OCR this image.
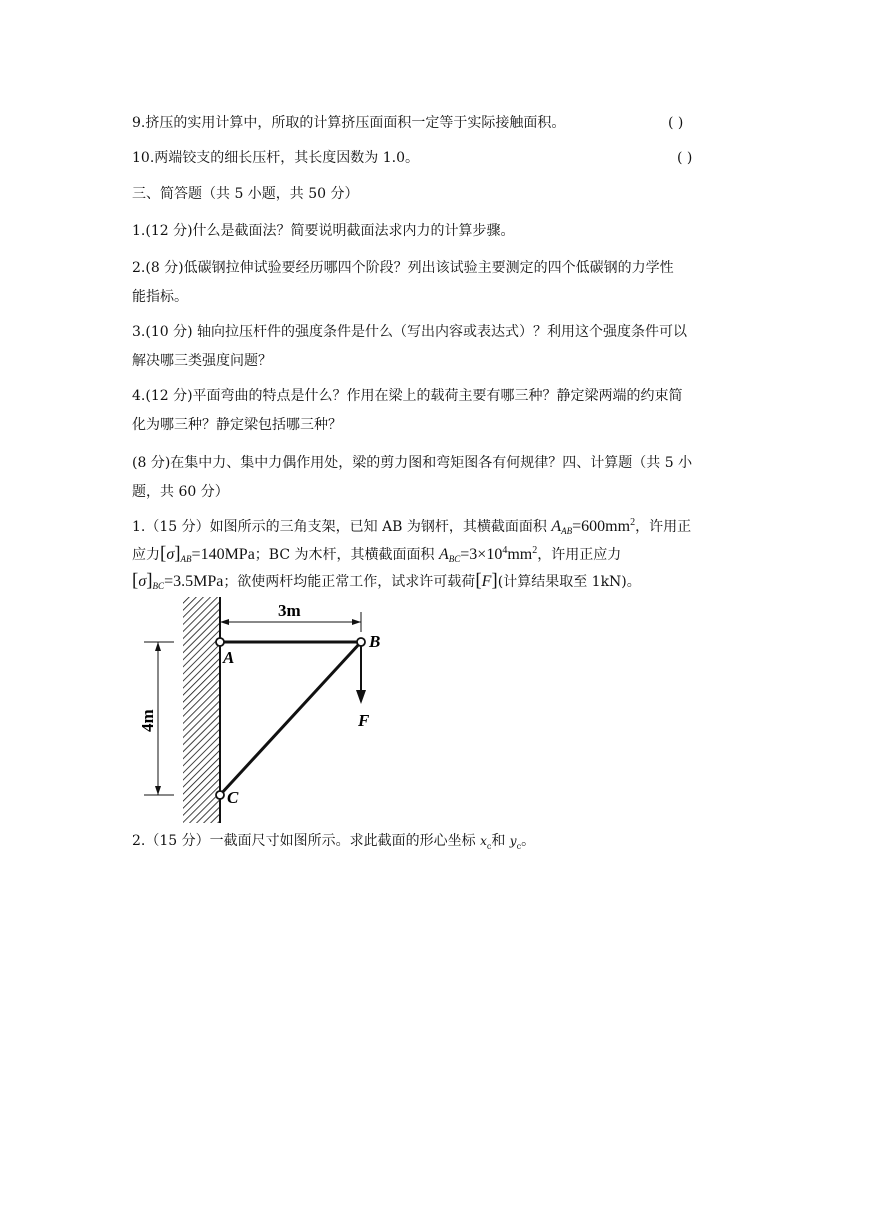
9.挤压的实用计算中，所取的计算挤压面面积一定等于实际接触面积。	( )
10.两端铰支的细长压杆，其长度因数为 1.0。	( )
三、简答题（共 5 小题，共 50 分）
1.(12 分)什么是截面法？简要说明截面法求内力的计算步骤。
2.(8 分)低碳钢拉伸试验要经历哪四个阶段？列出该试验主要测定的四个低碳钢的力学性
能指标。
3.(10 分) 轴向拉压杆件的强度条件是什么（写出内容或表达式）？利用这个强度条件可以
解决哪三类强度问题？
4.(12 分)平面弯曲的特点是什么？作用在梁上的载荷主要有哪三种？静定梁两端的约束简
化为哪三种？静定梁包括哪三种？
(8 分)在集中力、集中力偶作用处，梁的剪力图和弯矩图各有何规律？四、计算题（共 5 小
题，共 60 分）
1.（15 分）如图所示的三角支架，已知 AB 为钢杆，其横截面面积 $A_{AB}=600mm^2$，许用正
应力$[\sigma]_{AB}=140MPa$；BC 为木杆，其横截面面积 $A_{BC}=3\times 10^4mm^2$，许用正应力
$[\sigma]_{BC}=3.5MPa$；欲使两杆均能正常工作，试求许可载荷[F](计算结果取至 1kN)。
3m
4m
A
B
C
F
2.（15 分）一截面尺寸如图所示。求此截面的形心坐标 $x_c$和 $y_c$。
